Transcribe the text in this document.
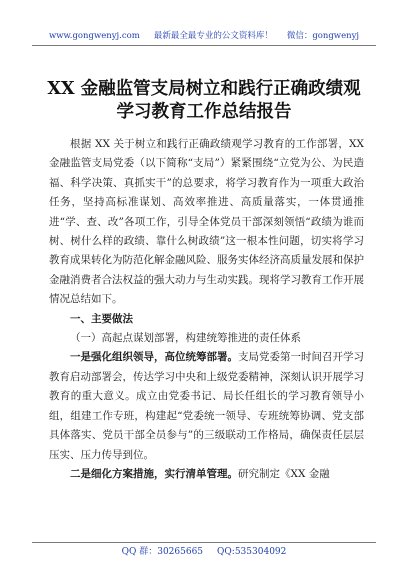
www.gongwenyj.com 最新最全最专业的公文资料库！ 微信：gongwenyj
XX 金融监管支局树立和践行正确政绩观
学习教育工作总结报告

根据 XX 关于树立和践行正确政绩观学习教育的工作部署，XX 金融监管支局党委（以下简称“支局”）紧紧围绕“立党为公、为民造福、科学决策、真抓实干”的总要求，将学习教育作为一项重大政治任务，坚持高标准谋划、高效率推进、高质量落实，一体贯通推进“学、查、改”各项工作，引导全体党员干部深刻领悟“政绩为谁而树、树什么样的政绩、靠什么树政绩”这一根本性问题，切实将学习教育成果转化为防范化解金融风险、服务实体经济高质量发展和保护金融消费者合法权益的强大动力与生动实践。现将学习教育工作开展情况总结如下。

一、主要做法

（一）高起点谋划部署，构建统筹推进的责任体系

一是强化组织领导，高位统筹部署。支局党委第一时间召开学习教育启动部署会，传达学习中央和上级党委精神，深刻认识开展学习教育的重大意义。成立由党委书记、局长任组长的学习教育领导小组，组建工作专班，构建起“党委统一领导、专班统筹协调、党支部具体落实、党员干部全员参与”的三级联动工作格局，确保责任层层压实、压力传导到位。

二是细化方案措施，实行清单管理。研究制定《XX 金融

QQ 群：30265665 QQ:535304092
